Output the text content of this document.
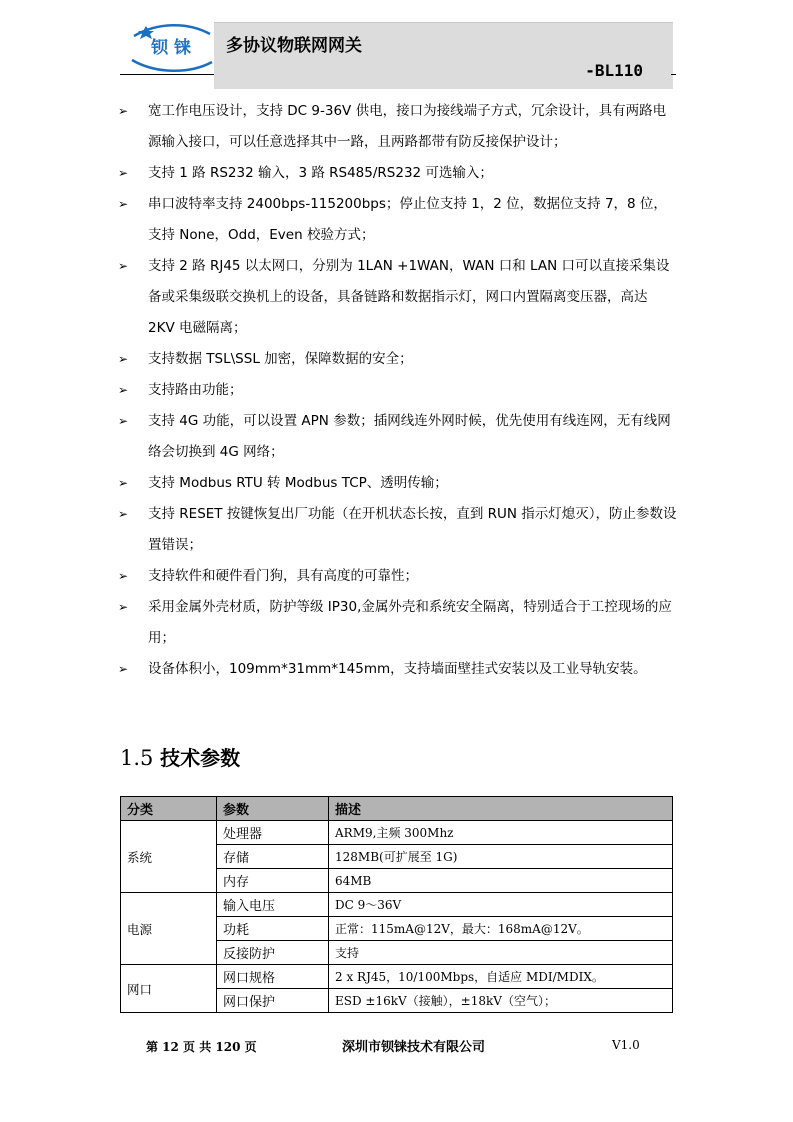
钡 铼 多协议物联网网关
-BL110
➢	宽工作电压设计，支持 DC 9-36V 供电，接口为接线端子方式，冗余设计，具有两路电源输入接口，可以任意选择其中一路，且两路都带有防反接保护设计；
➢	支持 1 路 RS232 输入，3 路 RS485/RS232 可选输入；
➢	串口波特率支持 2400bps-115200bps；停止位支持 1，2 位，数据位支持 7，8 位，支持 None，Odd，Even 校验方式；
➢	支持 2 路 RJ45 以太网口，分别为 1LAN +1WAN，WAN 口和 LAN 口可以直接采集设备或采集级联交换机上的设备，具备链路和数据指示灯，网口内置隔离变压器，高达 2KV 电磁隔离；
➢	支持数据 TSL\SSL 加密，保障数据的安全；
➢	支持路由功能；
➢	支持 4G 功能，可以设置 APN 参数；插网线连外网时候，优先使用有线连网，无有线网络会切换到 4G 网络；
➢	支持 Modbus RTU 转 Modbus TCP、透明传输；
➢	支持 RESET 按键恢复出厂功能（在开机状态长按，直到 RUN 指示灯熄灭），防止参数设置错误；
➢	支持软件和硬件看门狗，具有高度的可靠性；
➢	采用金属外壳材质，防护等级 IP30,金属外壳和系统安全隔离，特别适合于工控现场的应用；
➢	设备体积小，109mm*31mm*145mm，支持墙面壁挂式安装以及工业导轨安装。
1.5 技术参数
分类	参数	描述
系统	处理器	ARM9,主频 300Mhz
	存储	128MB(可扩展至 1G)
	内存	64MB
电源	输入电压	DC 9～36V
	功耗	正常：115mA@12V，最大：168mA@12V。
	反接防护	支持
网口	网口规格	2 x RJ45，10/100Mbps，自适应 MDI/MDIX。
	网口保护	ESD ±16kV（接触），±18kV（空气）；
第 12 页 共 120 页	深圳市钡铼技术有限公司	V1.0
